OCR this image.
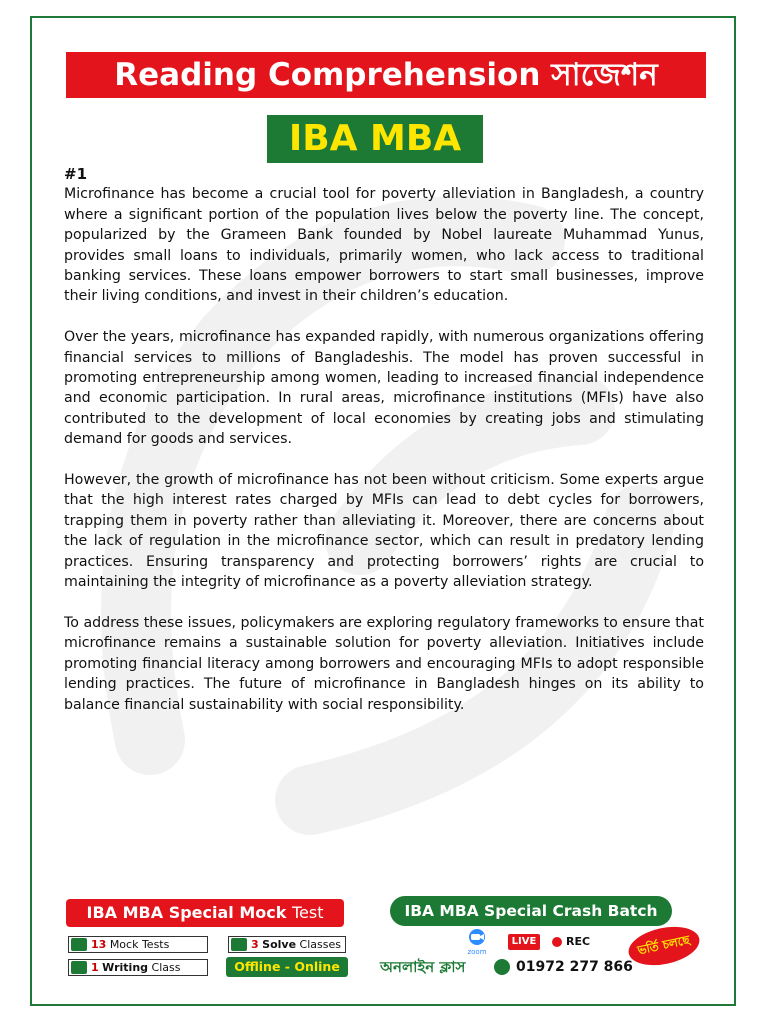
Reading Comprehension সাজেশন
IBA MBA
#1

Microfinance has become a crucial tool for poverty alleviation in Bangladesh, a country where a significant portion of the population lives below the poverty line. The concept, popularized by the Grameen Bank founded by Nobel laureate Muhammad Yunus, provides small loans to individuals, primarily women, who lack access to traditional banking services. These loans empower borrowers to start small businesses, improve their living conditions, and invest in their children’s education.

Over the years, microfinance has expanded rapidly, with numerous organizations offering financial services to millions of Bangladeshis. The model has proven successful in promoting entrepreneurship among women, leading to increased financial independence and economic participation. In rural areas, microfinance institutions (MFIs) have also contributed to the development of local economies by creating jobs and stimulating demand for goods and services.

However, the growth of microfinance has not been without criticism. Some experts argue that the high interest rates charged by MFIs can lead to debt cycles for borrowers, trapping them in poverty rather than alleviating it. Moreover, there are concerns about the lack of regulation in the microfinance sector, which can result in predatory lending practices. Ensuring transparency and protecting borrowers’ rights are crucial to maintaining the integrity of microfinance as a poverty alleviation strategy.

To address these issues, policymakers are exploring regulatory frameworks to ensure that microfinance remains a sustainable solution for poverty alleviation. Initiatives include promoting financial literacy among borrowers and encouraging MFIs to adopt responsible lending practices. The future of microfinance in Bangladesh hinges on its ability to balance financial sustainability with social responsibility.

IBA MBA Special Mock Test
13 Mock Tests	3 Solve Classes
1 Writing Class	Offline - Online
IBA MBA Special Crash Batch
zoom
LIVE	REC
অনলাইন ক্লাস	01972 277 866
ভর্তি চলছে
